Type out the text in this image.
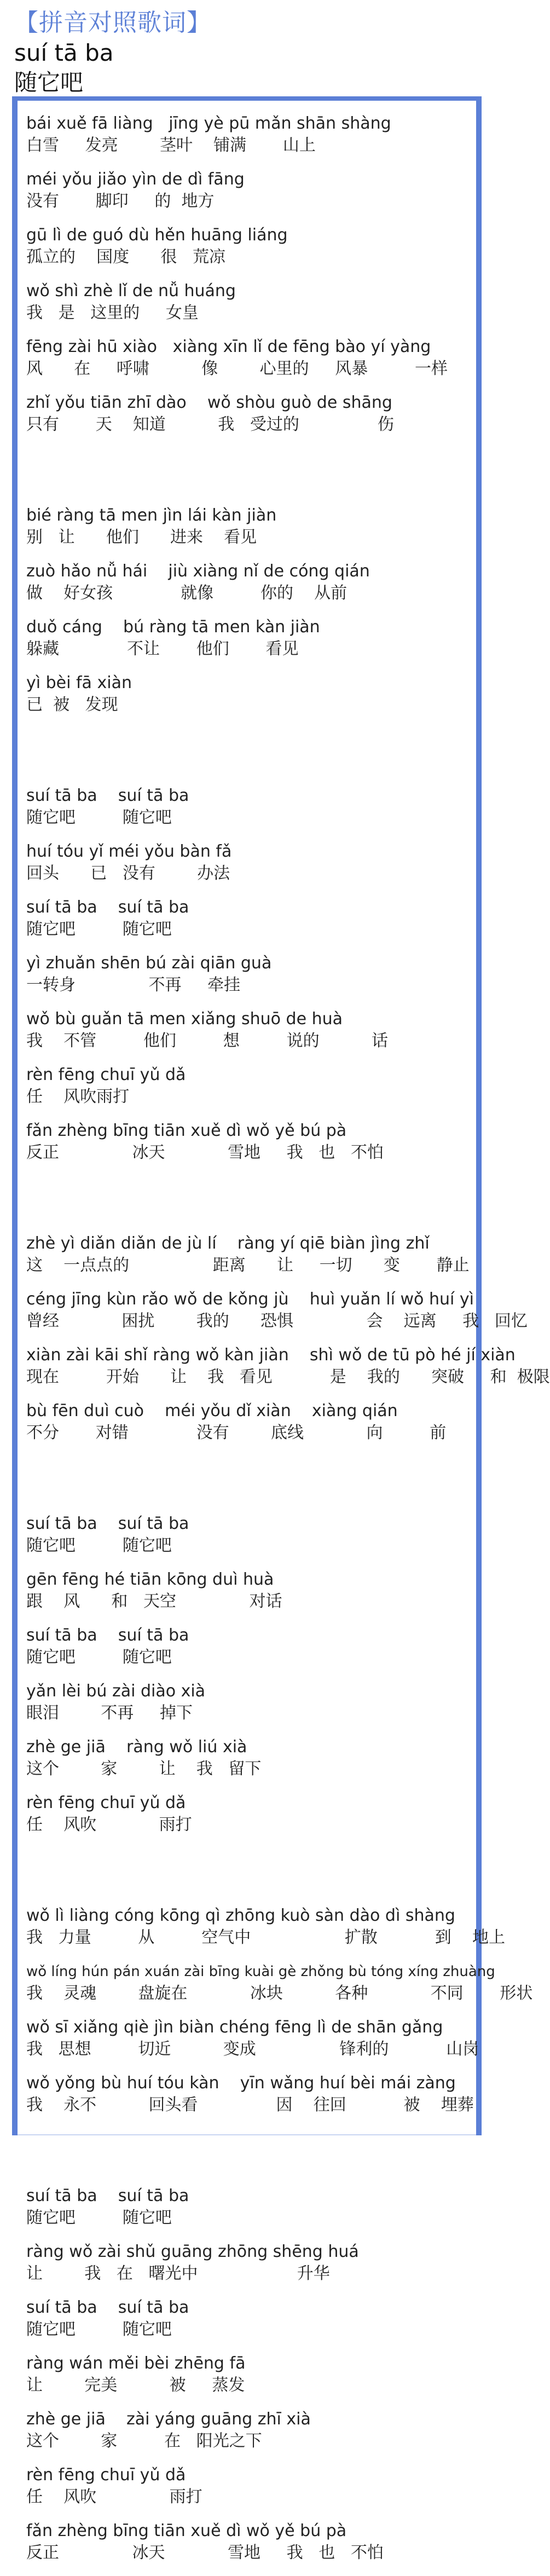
【拼音对照歌词】
suí tā ba
随它吧
bái xuě fā liàng   jīng yè pū mǎn shān shàng
白雪     发亮        茎叶    铺满       山上
méi yǒu jiǎo yìn de dì fāng
没有       脚印     的  地方
gū lì de guó dù hěn huāng liáng
孤立的    国度      很   荒凉
wǒ shì zhè lǐ de nǚ huáng
我   是   这里的     女皇
fēng zài hū xiào   xiàng xīn lǐ de fēng bào yí yàng
风      在     呼啸          像        心里的     风暴         一样
zhǐ yǒu tiān zhī dào    wǒ shòu guò de shāng
只有       天    知道          我   受过的               伤
bié ràng tā men jìn lái kàn jiàn
别   让      他们      进来    看见
zuò hǎo nǚ hái    jiù xiàng nǐ de cóng qián
做    好女孩             就像         你的    从前
duǒ cáng    bú ràng tā men kàn jiàn
躲藏             不让       他们       看见
yì bèi fā xiàn
已  被   发现
suí tā ba    suí tā ba
随它吧         随它吧
huí tóu yǐ méi yǒu bàn fǎ
回头      已   没有        办法
suí tā ba    suí tā ba
随它吧         随它吧
yì zhuǎn shēn bú zài qiān guà
一转身              不再     牵挂
wǒ bù guǎn tā men xiǎng shuō de huà
我    不管         他们         想         说的          话
rèn fēng chuī yǔ dǎ
任    风吹雨打
fǎn zhèng bīng tiān xuě dì wǒ yě bú pà
反正              冰天            雪地     我   也   不怕
zhè yì diǎn diǎn de jù lí    ràng yí qiē biàn jìng zhǐ
这    一点点的                距离      让     一切      变       静止
céng jīng kùn rǎo wǒ de kǒng jù    huì yuǎn lí wǒ huí yì
曾经            困扰        我的      恐惧              会    远离     我   回忆
xiàn zài kāi shǐ ràng wǒ kàn jiàn    shì wǒ de tū pò hé jí xiàn
现在         开始      让    我   看见           是    我的      突破     和  极限
bù fēn duì cuò    méi yǒu dǐ xiàn    xiàng qián
不分       对错             没有        底线            向         前
suí tā ba    suí tā ba
随它吧         随它吧
gēn fēng hé tiān kōng duì huà
跟    风      和   天空              对话
suí tā ba    suí tā ba
随它吧         随它吧
yǎn lèi bú zài diào xià
眼泪        不再     掉下
zhè ge jiā    ràng wǒ liú xià
这个        家        让    我   留下
rèn fēng chuī yǔ dǎ
任    风吹            雨打
wǒ lì liàng cóng kōng qì zhōng kuò sàn dào dì shàng
我   力量         从         空气中                  扩散           到    地上
wǒ líng hún pán xuán zài bīng kuài gè zhǒng bù tóng xíng zhuàng
我    灵魂        盘旋在            冰块          各种            不同       形状
wǒ sī xiǎng qiè jìn biàn chéng fēng lì de shān gǎng
我   思想         切近          变成                锋利的           山岗
wǒ yǒng bù huí tóu kàn    yīn wǎng huí bèi mái zàng
我    永不          回头看               因    往回           被    埋葬
suí tā ba    suí tā ba
随它吧         随它吧
ràng wǒ zài shǔ guāng zhōng shēng huá
让        我   在   曙光中                   升华
suí tā ba    suí tā ba
随它吧         随它吧
ràng wán měi bèi zhēng fā
让        完美          被     蒸发
zhè ge jiā    zài yáng guāng zhī xià
这个        家         在   阳光之下
rèn fēng chuī yǔ dǎ
任    风吹              雨打
fǎn zhèng bīng tiān xuě dì wǒ yě bú pà
反正              冰天            雪地     我   也   不怕
